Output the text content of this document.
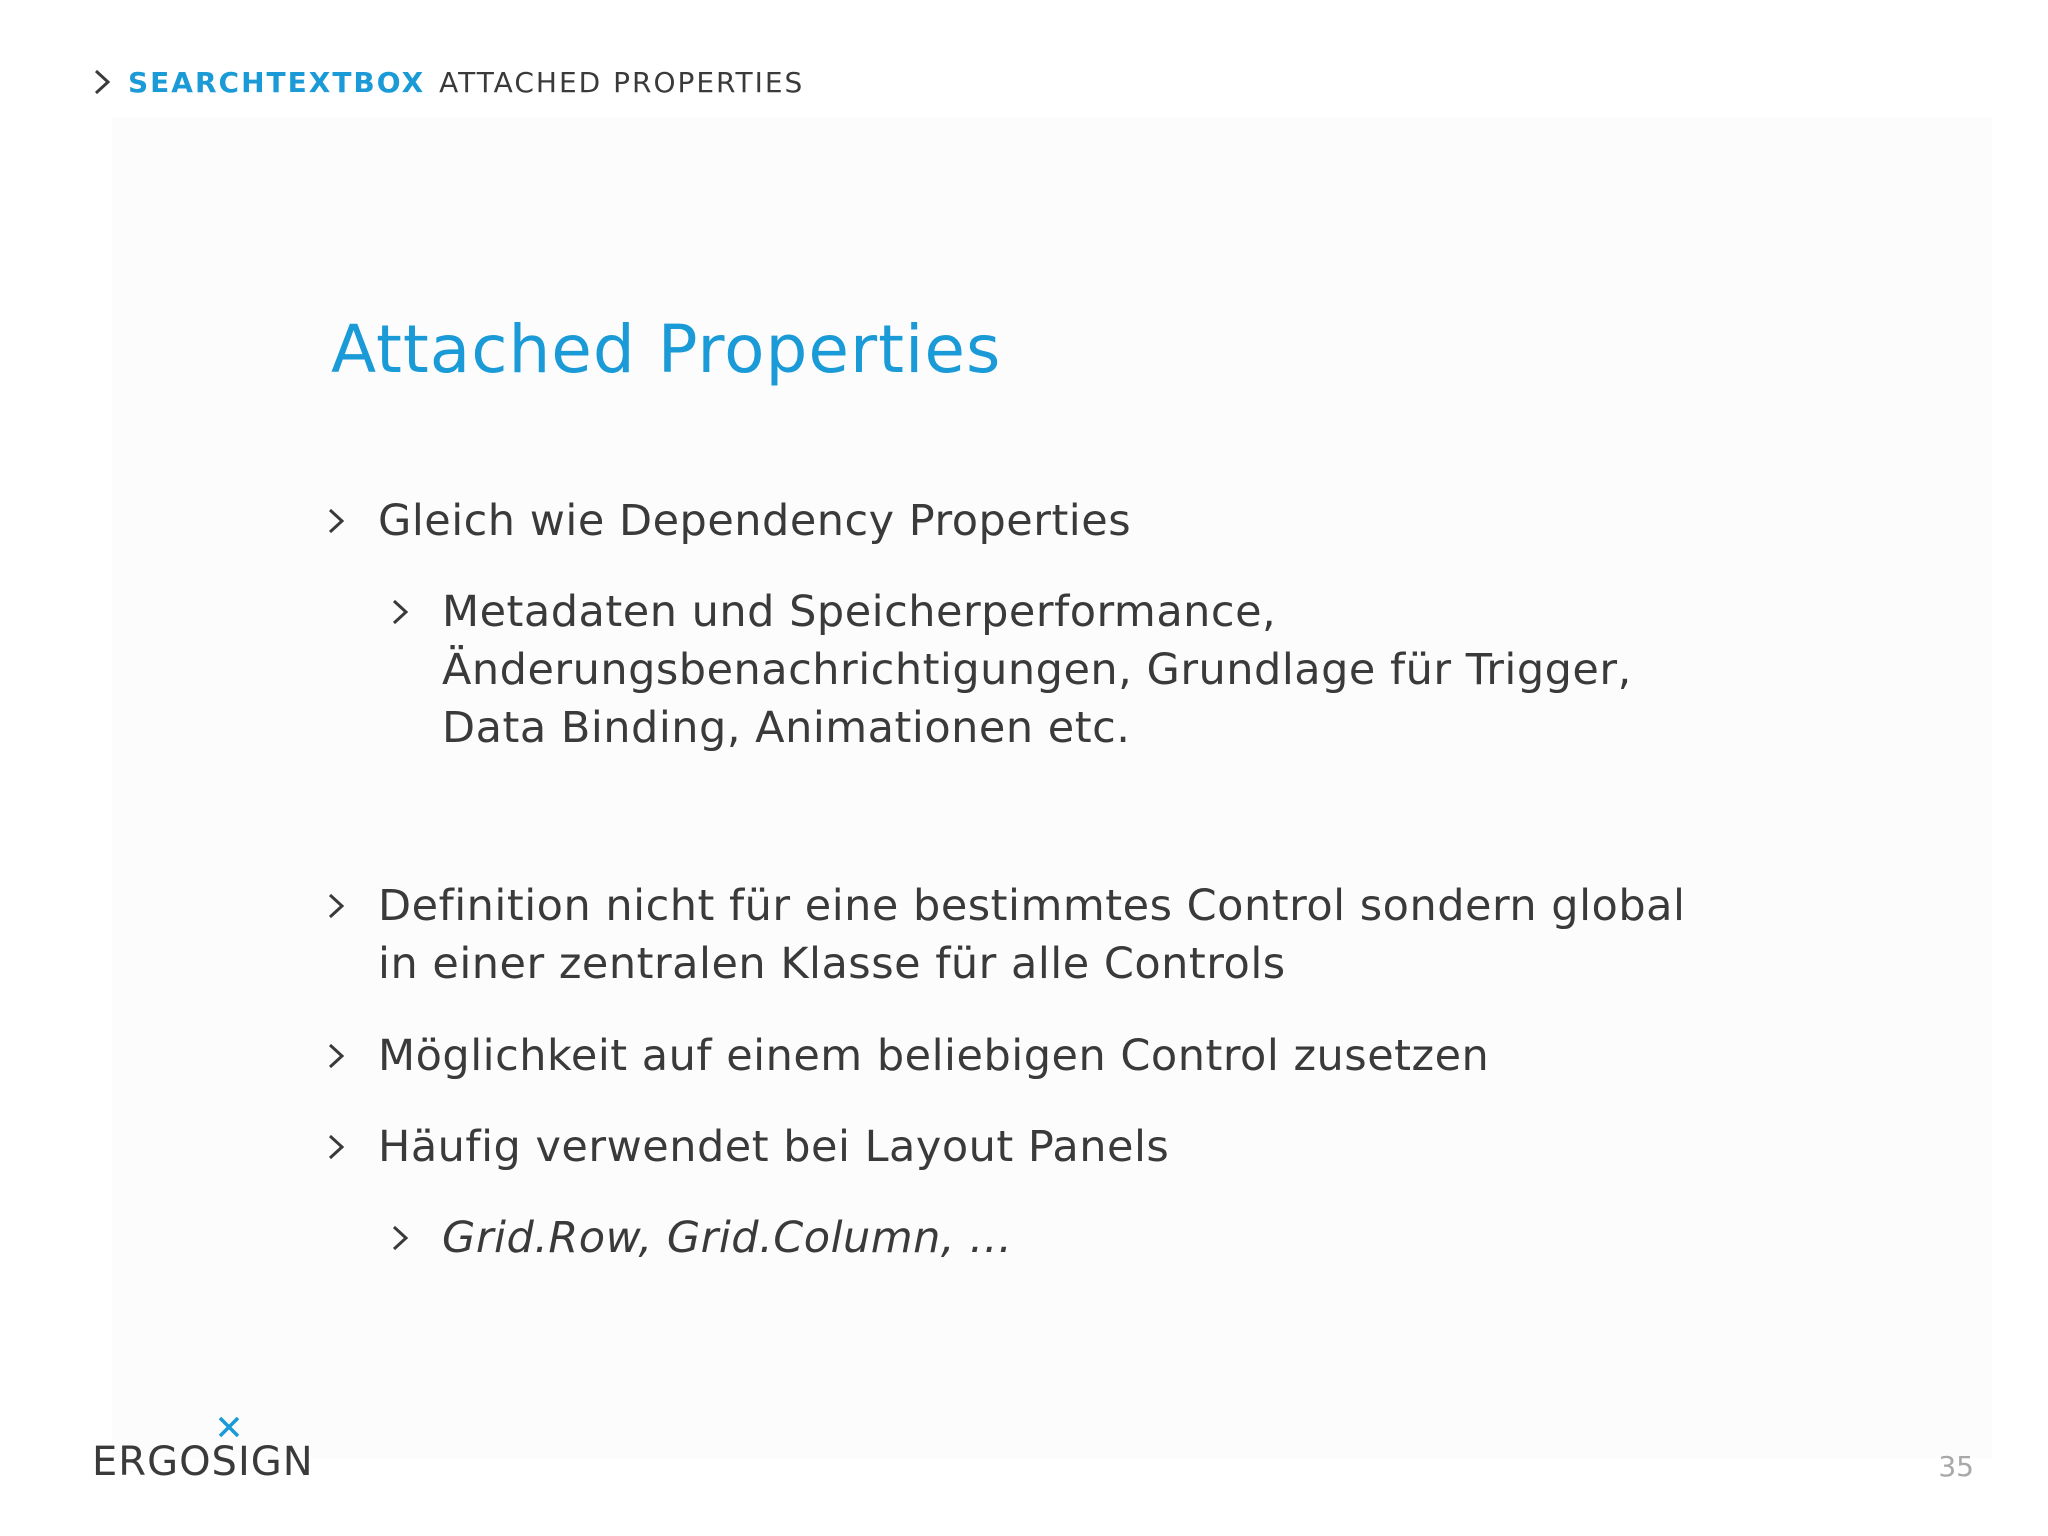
SEARCHTEXTBOX ATTACHED PROPERTIES
Attached Properties
Gleich wie Dependency Properties
Metadaten und Speicherperformance,
Änderungsbenachrichtigungen, Grundlage für Trigger,
Data Binding, Animationen etc.
Definition nicht für eine bestimmtes Control sondern global
in einer zentralen Klasse für alle Controls
Möglichkeit auf einem beliebigen Control zusetzen
Häufig verwendet bei Layout Panels
Grid.Row, Grid.Column, …
ERGOSIGN	35
